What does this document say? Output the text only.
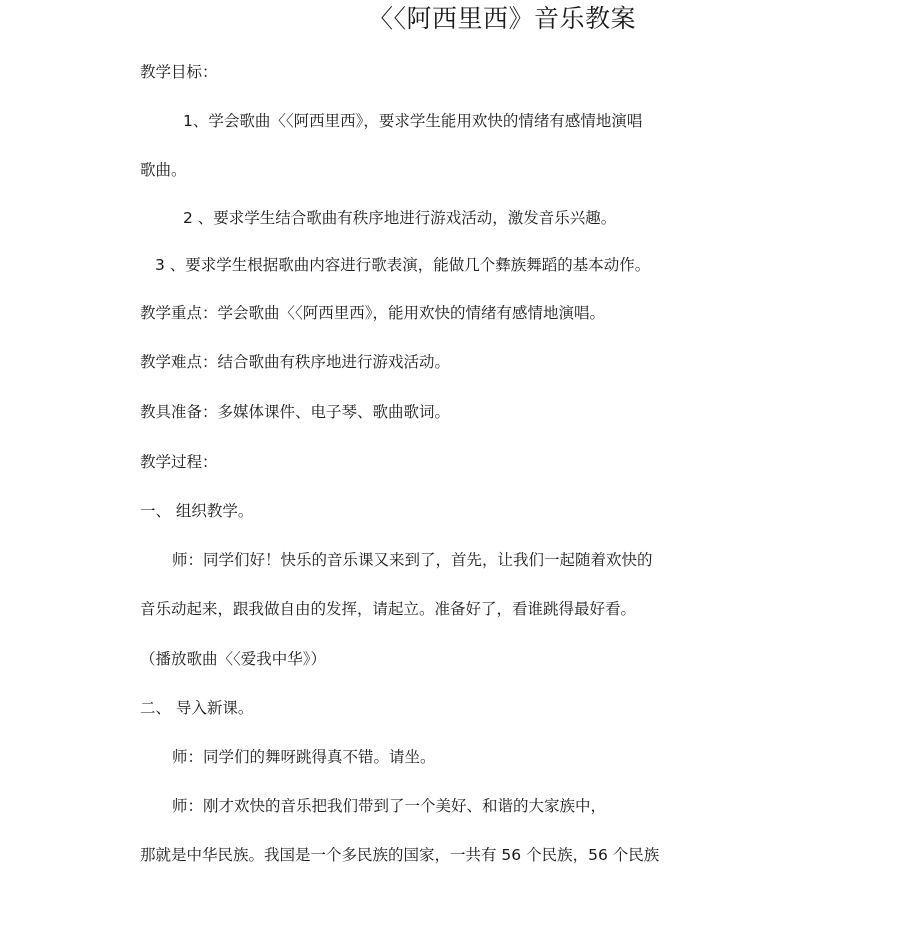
〈〈阿西里西》音乐教案
教学目标：
1、学会歌曲〈〈阿西里西》，要求学生能用欢快的情绪有感情地演唱
歌曲。
2 、要求学生结合歌曲有秩序地进行游戏活动，激发音乐兴趣。
3 、要求学生根据歌曲内容进行歌表演，能做几个彝族舞蹈的基本动作。
教学重点：学会歌曲〈〈阿西里西》，能用欢快的情绪有感情地演唱。
教学难点：结合歌曲有秩序地进行游戏活动。
教具准备：多媒体课件、电子琴、歌曲歌词。
教学过程：
一、 组织教学。
师：同学们好！快乐的音乐课又来到了，首先，让我们一起随着欢快的
音乐动起来，跟我做自由的发挥，请起立。准备好了，看谁跳得最好看。
（播放歌曲〈〈爱我中华》）
二、 导入新课。
师：同学们的舞呀跳得真不错。请坐。
师：刚才欢快的音乐把我们带到了一个美好、和谐的大家族中，
那就是中华民族。我国是一个多民族的国家，一共有 56 个民族，56 个民族
